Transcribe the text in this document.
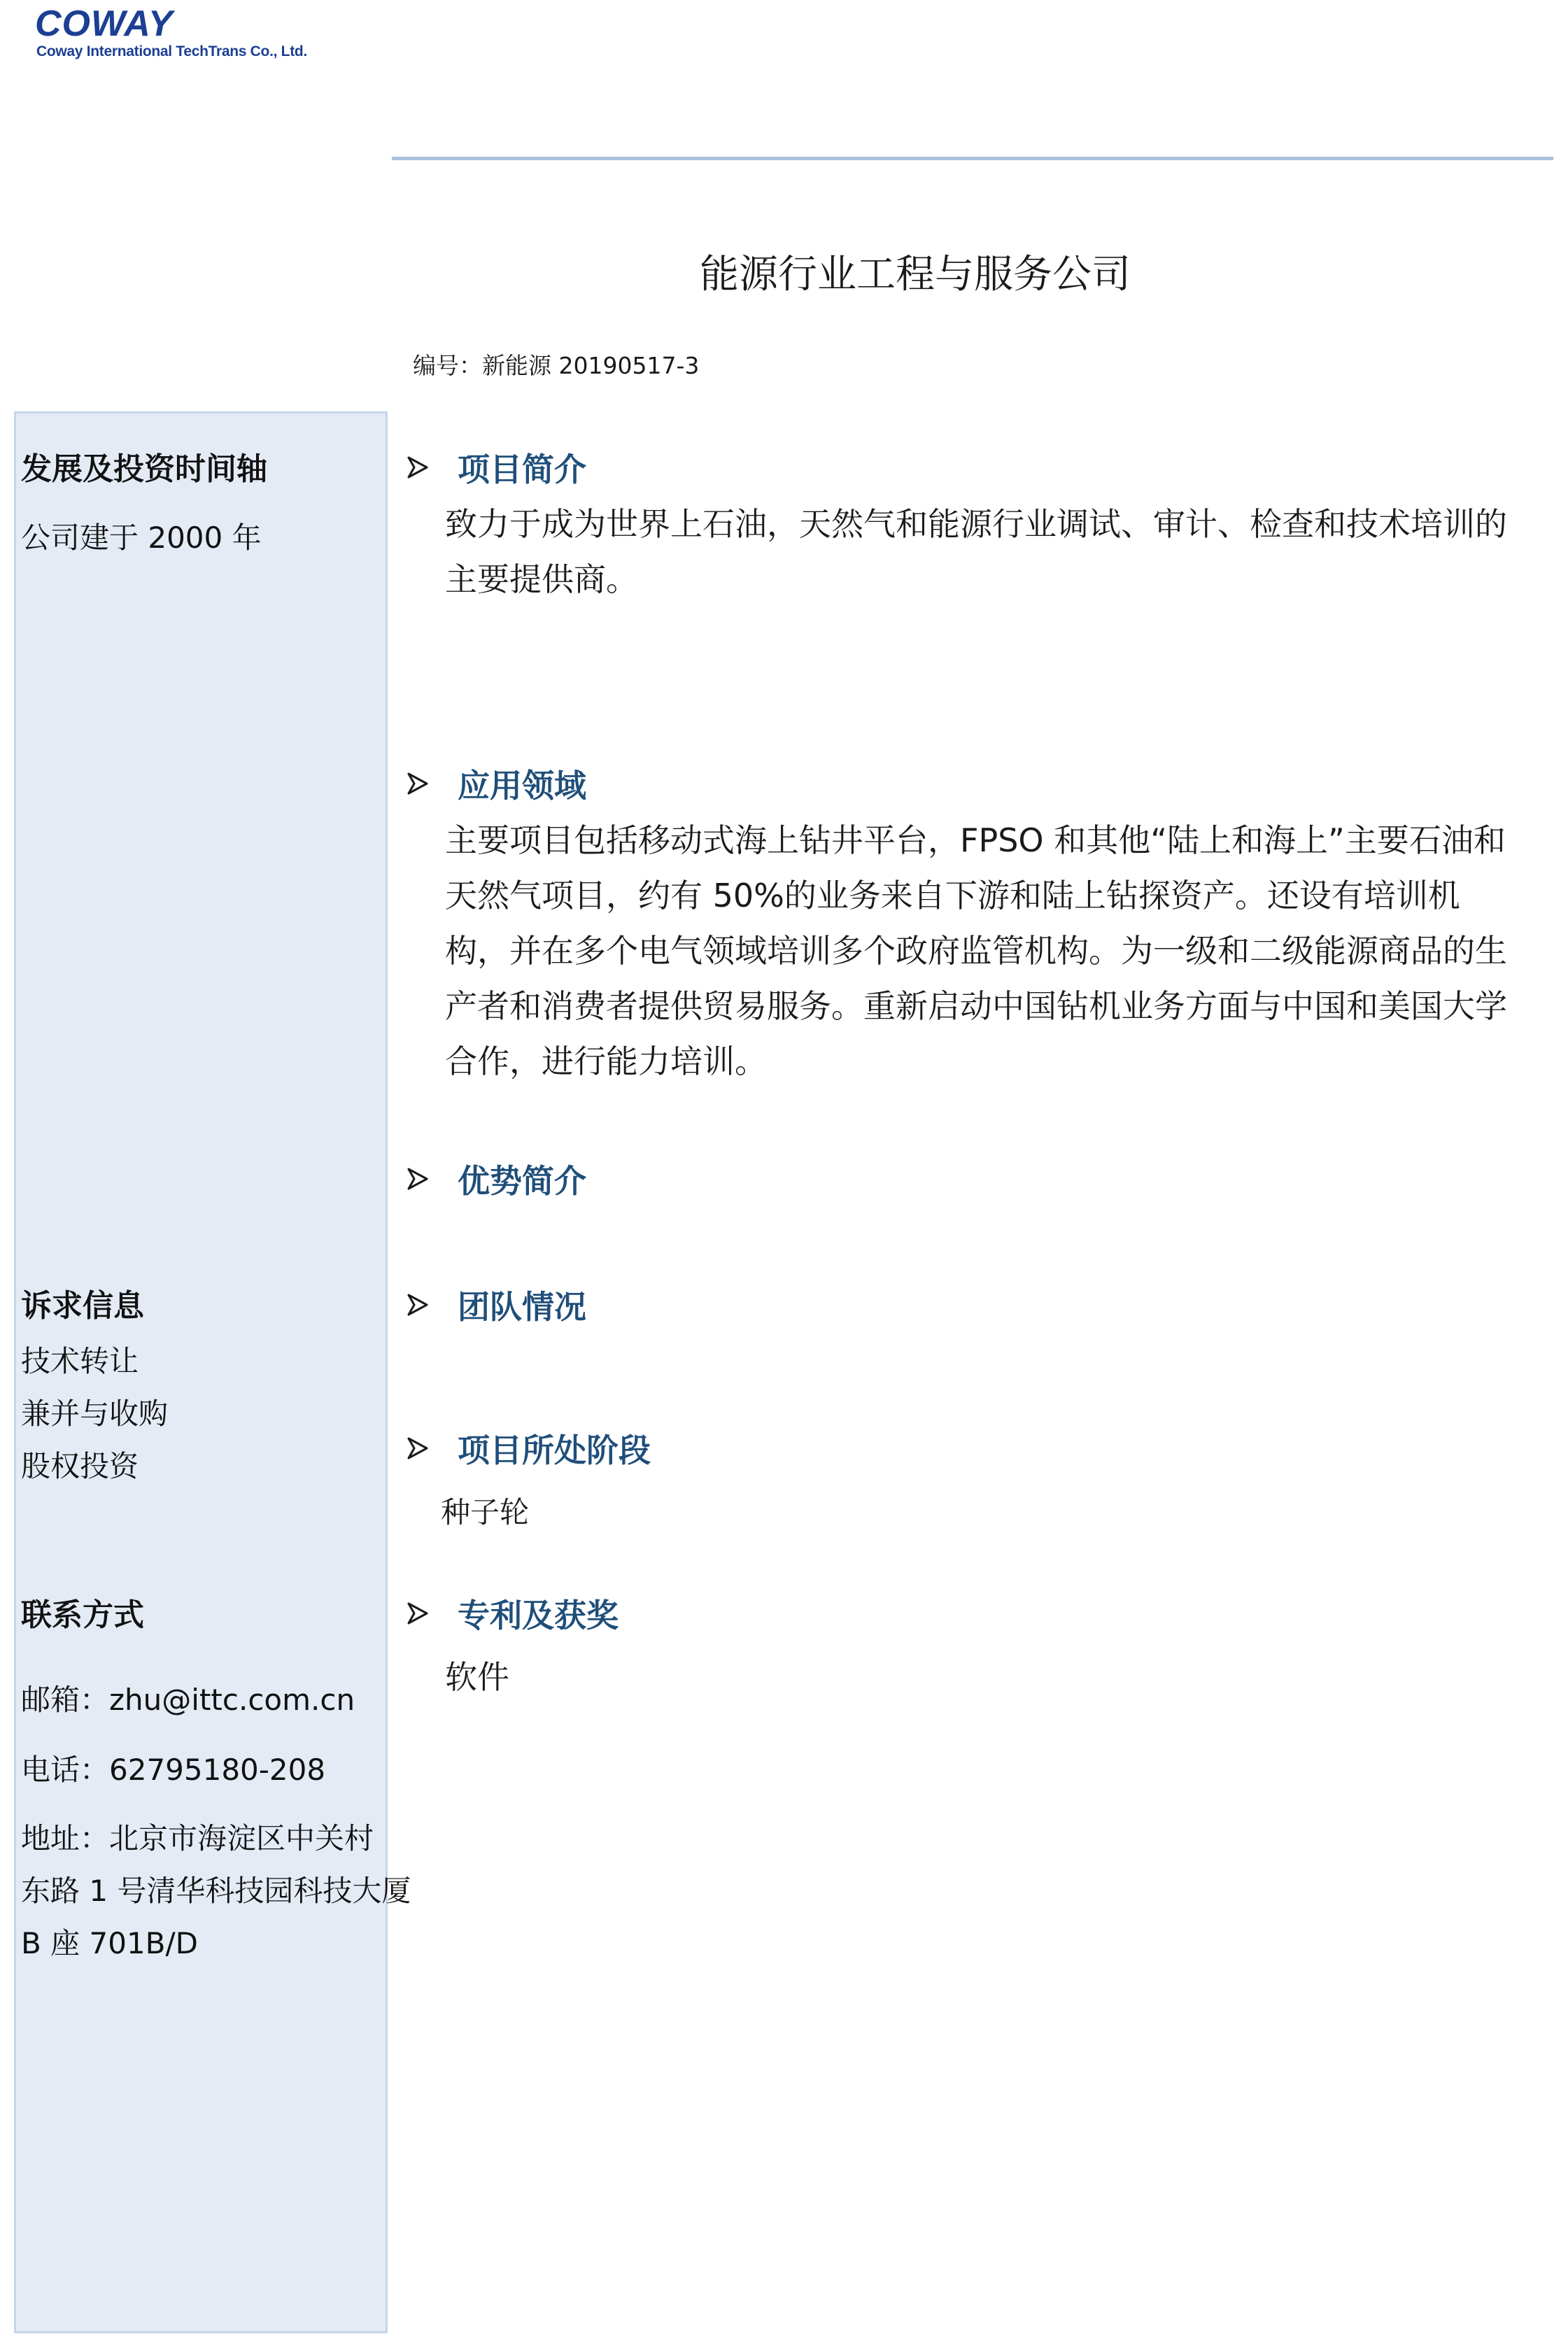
COWAY
Coway International TechTrans Co., Ltd.
能源行业工程与服务公司
编号：新能源 20190517-3
发展及投资时间轴
公司建于 2000 年
诉求信息
技术转让
兼并与收购
股权投资
联系方式
邮箱：zhu@ittc.com.cn
电话：62795180-208
地址：北京市海淀区中关村
东路 1 号清华科技园科技大厦
B 座 701B/D
项目简介
致力于成为世界上石油，天然气和能源行业调试、审计、检查和技术培训的主要提供商。
应用领域
主要项目包括移动式海上钻井平台，FPSO 和其他“陆上和海上”主要石油和天然气项目，约有 50%的业务来自下游和陆上钻探资产。还设有培训机构，并在多个电气领域培训多个政府监管机构。为一级和二级能源商品的生产者和消费者提供贸易服务。重新启动中国钻机业务方面与中国和美国大学合作，进行能力培训。
优势简介
团队情况
项目所处阶段
种子轮
专利及获奖
软件
